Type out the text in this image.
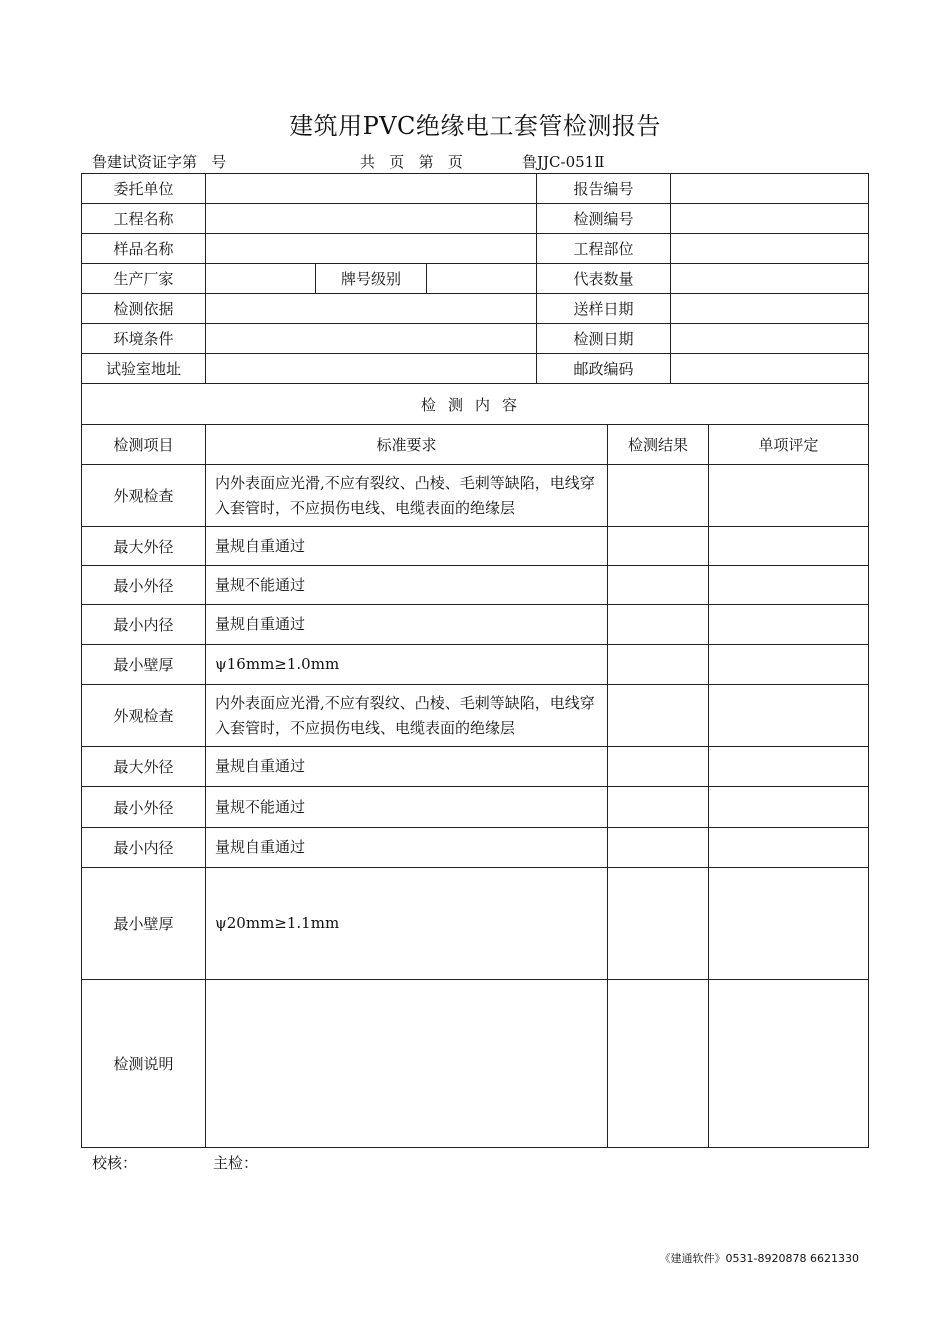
建筑用PVC绝缘电工套管检测报告
鲁建试资证字第   号	共   页   第   页	鲁JJC-051Ⅱ
委托单位	报告编号
工程名称	检测编号
样品名称	工程部位
生产厂家	牌号级别	代表数量
检测依据	送样日期
环境条件	检测日期
试验室地址	邮政编码
检测内容
检测项目	标准要求	检测结果	单项评定
外观检查
内外表面应光滑,不应有裂纹、凸棱、毛刺等缺陷，电线穿入套管时，不应损伤电线、电缆表面的绝缘层
最大外径	量规自重通过
最小外径	量规不能通过
最小内径	量规自重通过
最小壁厚	ψ16mm≥1.0mm
外观检查
内外表面应光滑,不应有裂纹、凸棱、毛刺等缺陷，电线穿入套管时，不应损伤电线、电缆表面的绝缘层
最大外径	量规自重通过
最小外径	量规不能通过
最小内径	量规自重通过
最小壁厚	ψ20mm≥1.1mm
检测说明
校核：	主检：
《建通软件》0531-8920878 6621330
